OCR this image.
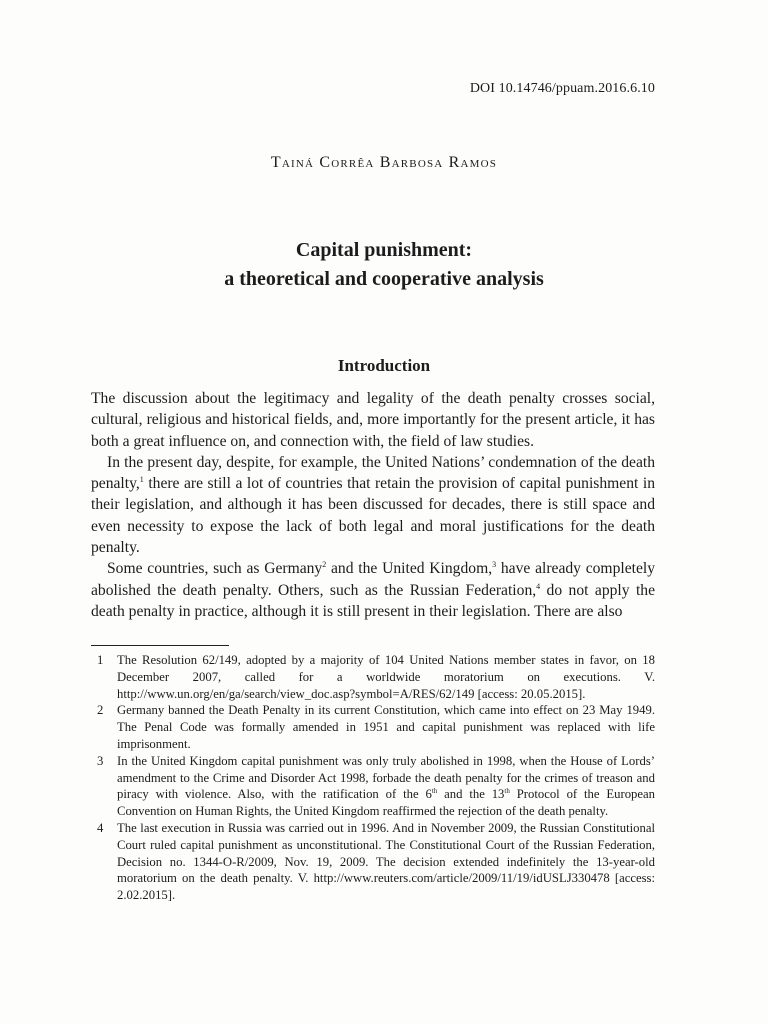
DOI 10.14746/ppuam.2016.6.10
Tainá Corrêa Barbosa Ramos
Capital punishment:
a theoretical and cooperative analysis
Introduction

The discussion about the legitimacy and legality of the death penalty crosses social, cultural, religious and historical fields, and, more importantly for the present article, it has both a great influence on, and connection with, the field of law studies.

In the present day, despite, for example, the United Nations’ condemnation of the death penalty,$^1$ there are still a lot of countries that retain the provision of capital punishment in their legislation, and although it has been discussed for decades, there is still space and even necessity to expose the lack of both legal and moral justifications for the death penalty.

Some countries, such as Germany$^2$ and the United Kingdom,$^3$ have already completely abolished the death penalty. Others, such as the Russian Federation,$^4$ do not apply the death penalty in practice, although it is still present in their legislation. There are also

1	The Resolution 62/149, adopted by a majority of 104 United Nations member states in favor, on 18 December 2007, called for a worldwide moratorium on executions. V. http://www.un.org/en/ga/search/view_doc.asp?symbol=A/RES/62/149 [access: 20.05.2015].
2	Germany banned the Death Penalty in its current Constitution, which came into effect on 23 May 1949. The Penal Code was formally amended in 1951 and capital punishment was replaced with life imprisonment.
3	In the United Kingdom capital punishment was only truly abolished in 1998, when the House of Lords’ amendment to the Crime and Disorder Act 1998, forbade the death penalty for the crimes of treason and piracy with violence. Also, with the ratification of the 6th and the 13th Protocol of the European Convention on Human Rights, the United Kingdom reaffirmed the rejection of the death penalty.
4	The last execution in Russia was carried out in 1996. And in November 2009, the Russian Constitutional Court ruled capital punishment as unconstitutional. The Constitutional Court of the Russian Federation, Decision no. 1344-O-R/2009, Nov. 19, 2009. The decision extended indefinitely the 13-year-old moratorium on the death penalty. V. http://www.reuters.com/article/2009/11/19/idUSLJ330478 [access: 2.02.2015].
